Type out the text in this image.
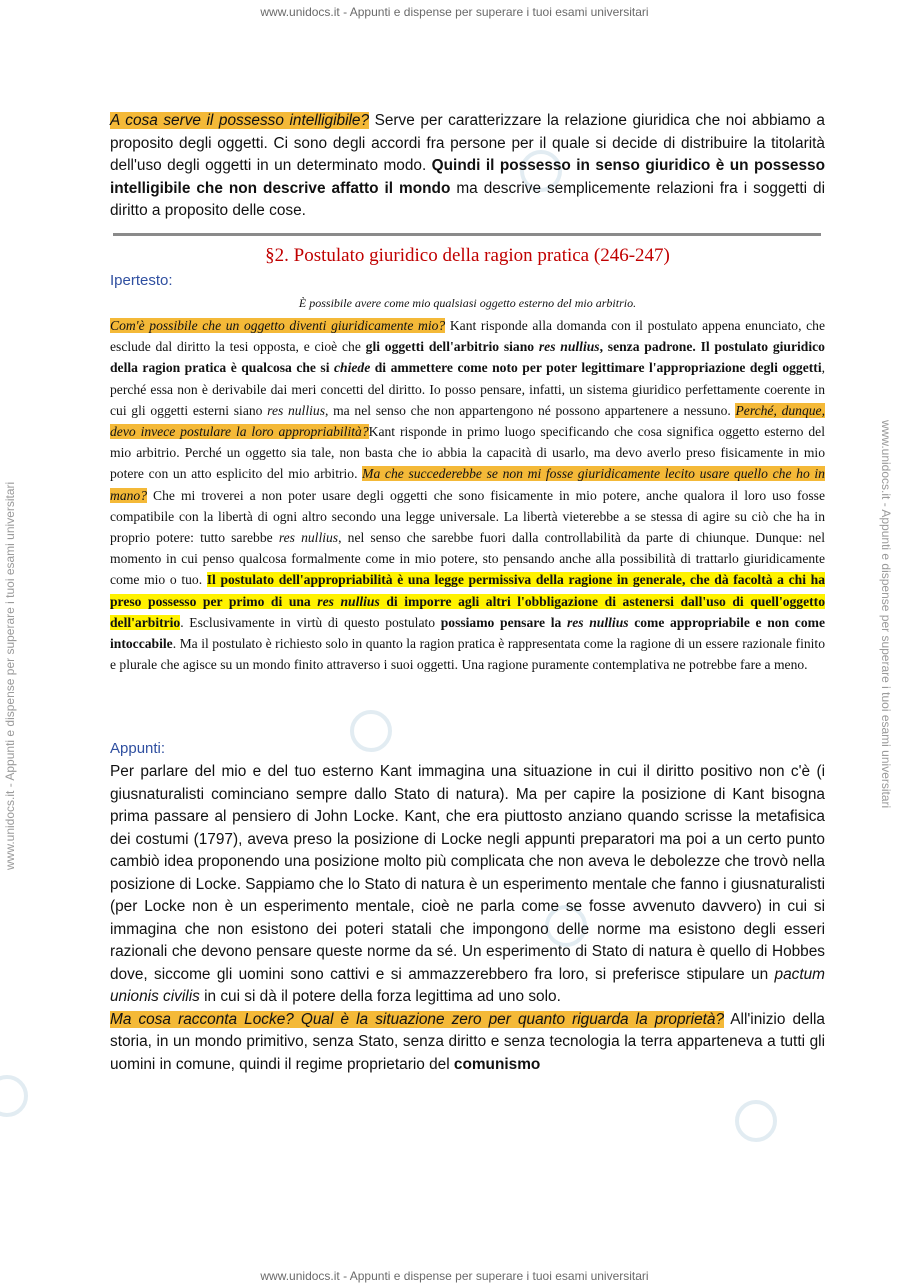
www.unidocs.it - Appunti e dispense per superare i tuoi esami universitari
www.unidocs.it - Appunti e dispense per superare i tuoi esami universitari	www.unidocs.it - Appunti e dispense per superare i tuoi esami universitari
A cosa serve il possesso intelligibile? Serve per caratterizzare la relazione giuridica che noi abbiamo a proposito degli oggetti. Ci sono degli accordi fra persone per il quale si decide di distribuire la titolarità dell'uso degli oggetti in un determinato modo. Quindi il possesso in senso giuridico è un possesso intelligibile che non descrive affatto il mondo ma descrive semplicemente relazioni fra i soggetti di diritto a proposito delle cose.
§2. Postulato giuridico della ragion pratica (246-247)
Ipertesto:
È possibile avere come mio qualsiasi oggetto esterno del mio arbitrio.
Com'è possibile che un oggetto diventi giuridicamente mio? Kant risponde alla domanda con il postulato appena enunciato, che esclude dal diritto la tesi opposta, e cioè che gli oggetti dell'arbitrio siano res nullius, senza padrone. Il postulato giuridico della ragion pratica è qualcosa che si chiede di ammettere come noto per poter legittimare l'appropriazione degli oggetti, perché essa non è derivabile dai meri concetti del diritto. Io posso pensare, infatti, un sistema giuridico perfettamente coerente in cui gli oggetti esterni siano res nullius, ma nel senso che non appartengono né possono appartenere a nessuno. Perché, dunque, devo invece postulare la loro appropriabilità?Kant risponde in primo luogo specificando che cosa significa oggetto esterno del mio arbitrio. Perché un oggetto sia tale, non basta che io abbia la capacità di usarlo, ma devo averlo preso fisicamente in mio potere con un atto esplicito del mio arbitrio. Ma che succederebbe se non mi fosse giuridicamente lecito usare quello che ho in mano? Che mi troverei a non poter usare degli oggetti che sono fisicamente in mio potere, anche qualora il loro uso fosse compatibile con la libertà di ogni altro secondo una legge universale. La libertà vieterebbe a se stessa di agire su ciò che ha in proprio potere: tutto sarebbe res nullius, nel senso che sarebbe fuori dalla controllabilità da parte di chiunque. Dunque: nel momento in cui penso qualcosa formalmente come in mio potere, sto pensando anche alla possibilità di trattarlo giuridicamente come mio o tuo. Il postulato dell'appropriabilità è una legge permissiva della ragione in generale, che dà facoltà a chi ha preso possesso per primo di una res nullius di imporre agli altri l'obbligazione di astenersi dall'uso di quell'oggetto dell'arbitrio. Esclusivamente in virtù di questo postulato possiamo pensare la res nullius come appropriabile e non come intoccabile. Ma il postulato è richiesto solo in quanto la ragion pratica è rappresentata come la ragione di un essere razionale finito e plurale che agisce su un mondo finito attraverso i suoi oggetti. Una ragione puramente contemplativa ne potrebbe fare a meno.
Appunti:
Per parlare del mio e del tuo esterno Kant immagina una situazione in cui il diritto positivo non c'è (i giusnaturalisti cominciano sempre dallo Stato di natura). Ma per capire la posizione di Kant bisogna prima passare al pensiero di John Locke. Kant, che era piuttosto anziano quando scrisse la metafisica dei costumi (1797), aveva preso la posizione di Locke negli appunti preparatori ma poi a un certo punto cambiò idea proponendo una posizione molto più complicata che non aveva le debolezze che trovò nella posizione di Locke. Sappiamo che lo Stato di natura è un esperimento mentale che fanno i giusnaturalisti (per Locke non è un esperimento mentale, cioè ne parla come se fosse avvenuto davvero) in cui si immagina che non esistono dei poteri statali che impongono delle norme ma esistono degli esseri razionali che devono pensare queste norme da sé. Un esperimento di Stato di natura è quello di Hobbes dove, siccome gli uomini sono cattivi e si ammazzerebbero fra loro, si preferisce stipulare un pactum unionis civilis in cui si dà il potere della forza legittima ad uno solo.
Ma cosa racconta Locke? Qual è la situazione zero per quanto riguarda la proprietà? All'inizio della storia, in un mondo primitivo, senza Stato, senza diritto e senza tecnologia la terra apparteneva a tutti gli uomini in comune, quindi il regime proprietario del comunismo
www.unidocs.it - Appunti e dispense per superare i tuoi esami universitari
